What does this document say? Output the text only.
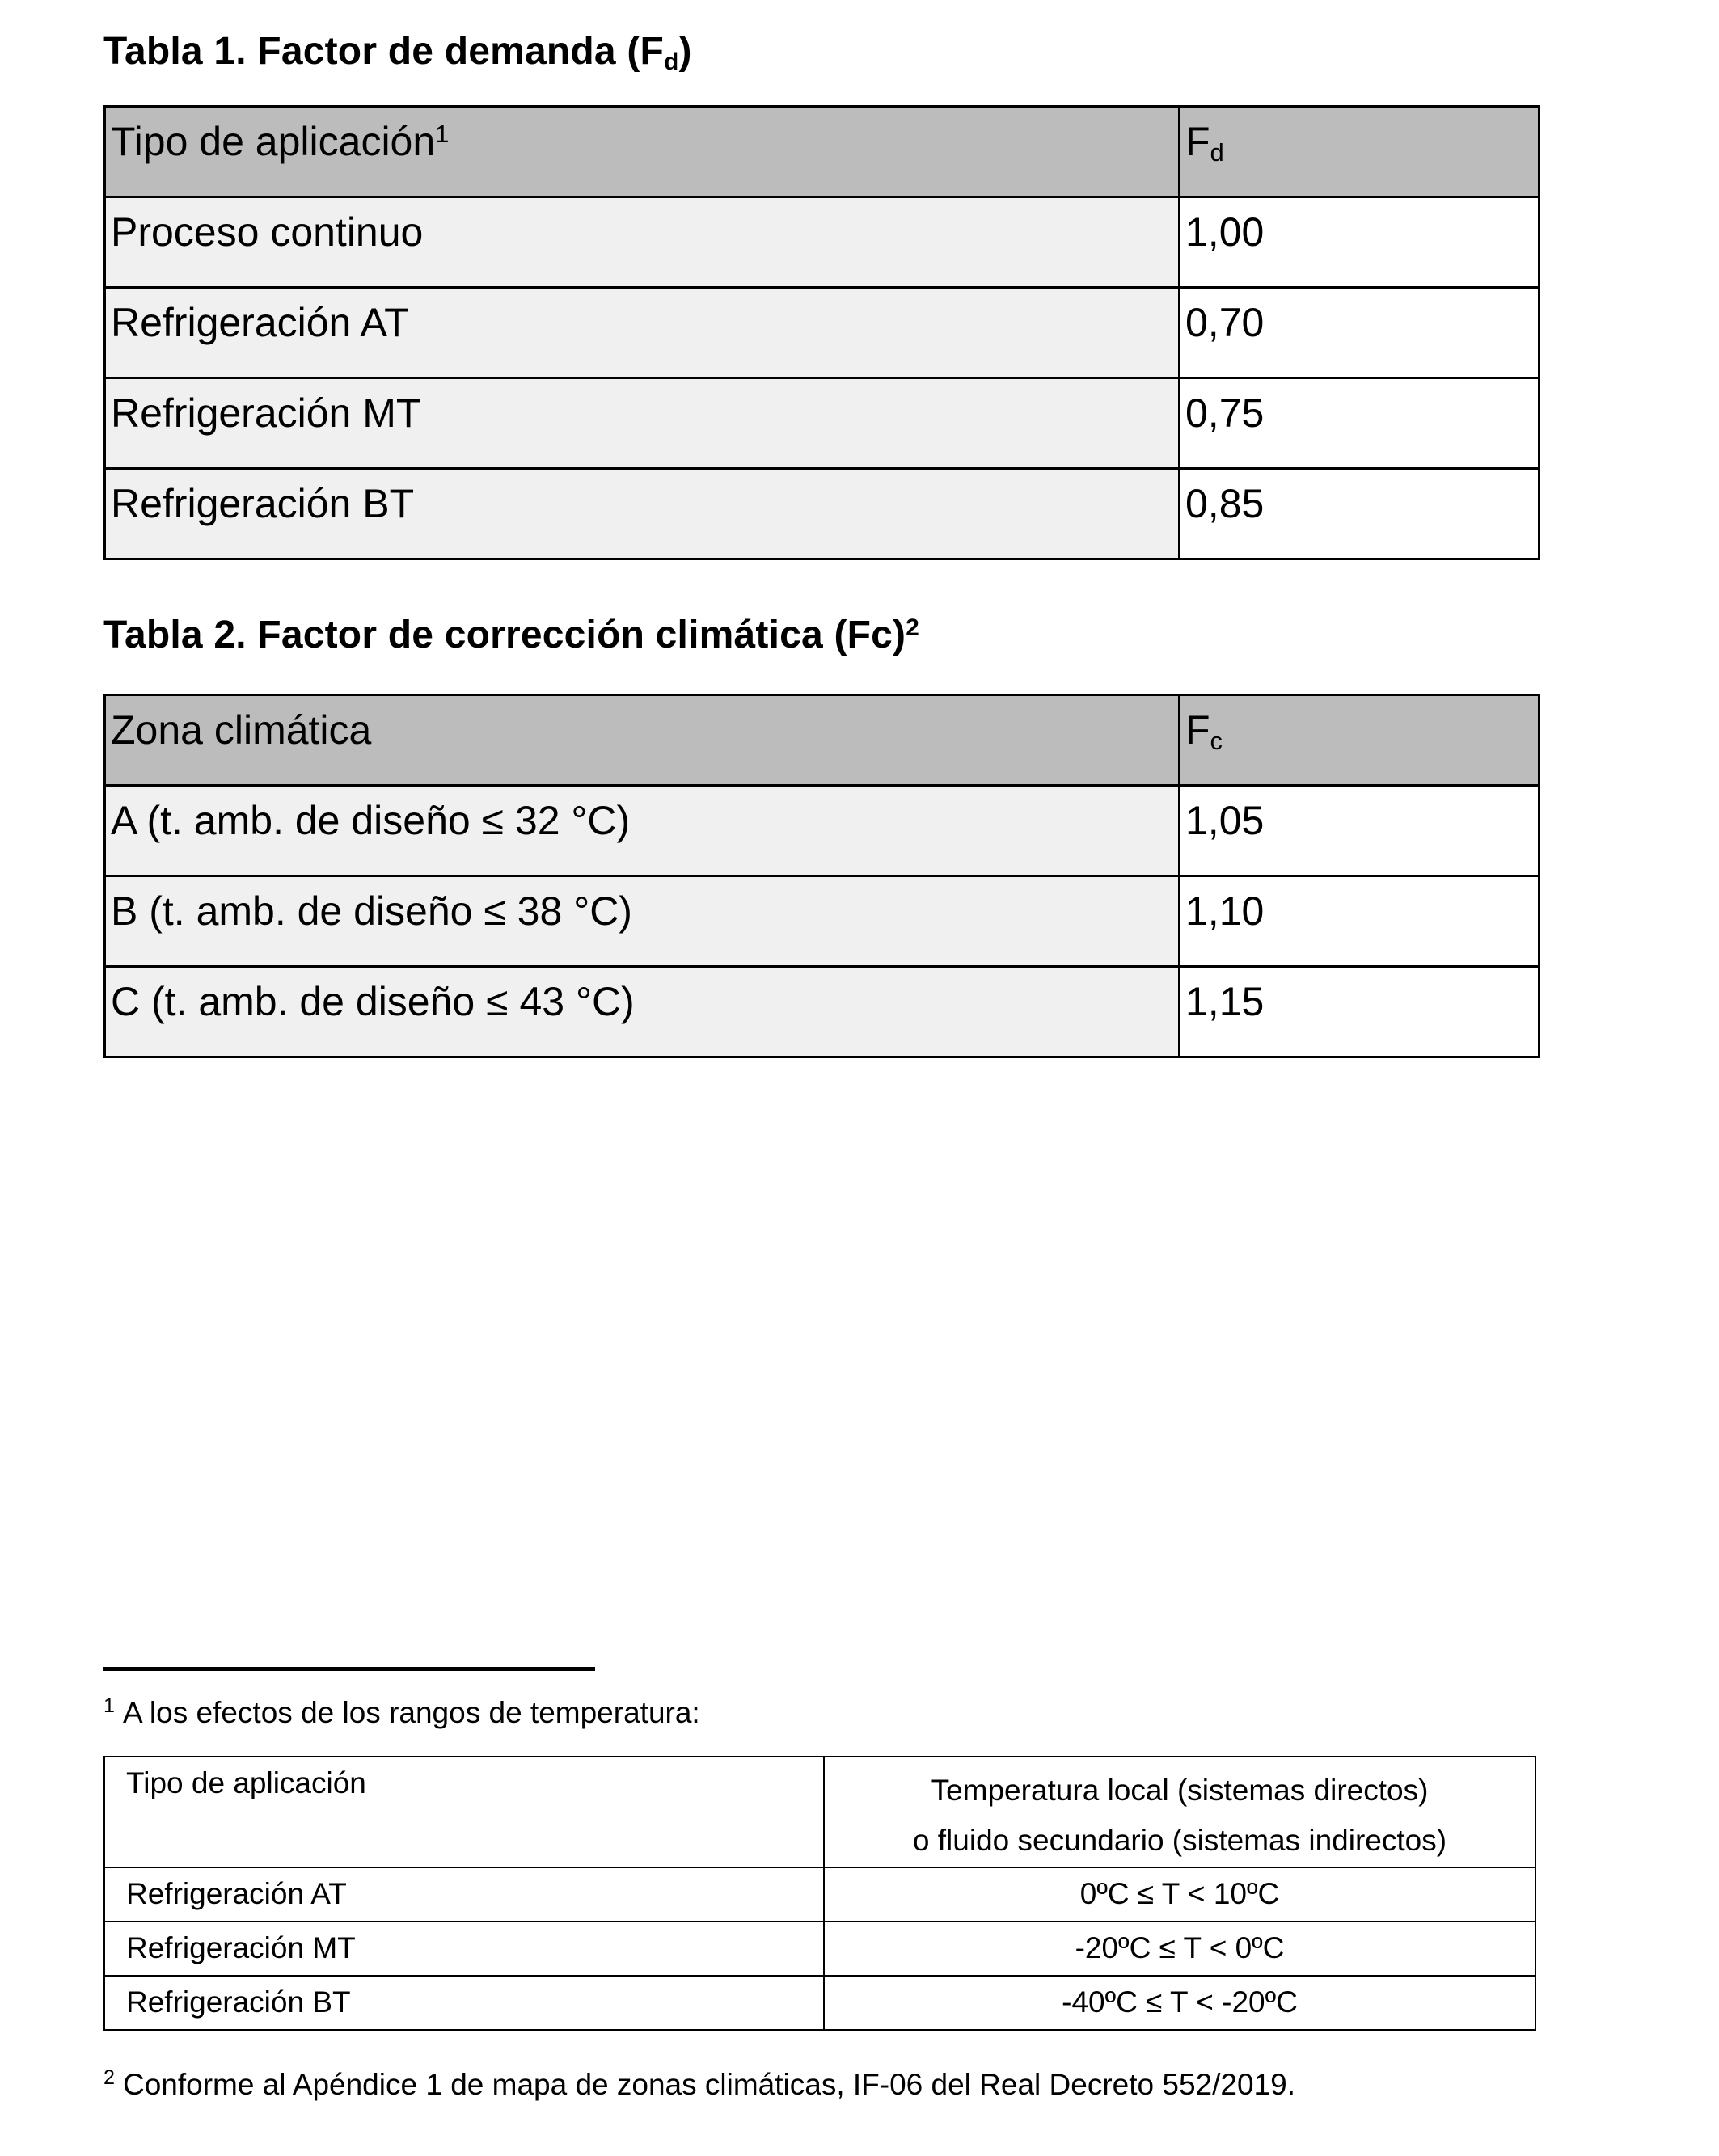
Tabla 1. Factor de demanda (Fd)
Tipo de aplicación$^1$	Fd
Proceso continuo	1,00
Refrigeración AT	0,70
Refrigeración MT	0,75
Refrigeración BT	0,85
Tabla 2. Factor de corrección climática $(Fc)^2$
Zona climática	Fc
A (t. amb. de diseño ≤ 32 °C)	1,05
B (t. amb. de diseño ≤ 38 °C)	1,10
C (t. amb. de diseño ≤ 43 °C)	1,15
$^1$ A los efectos de los rangos de temperatura:
Tipo de aplicación	Temperatura local (sistemas directos)
o fluido secundario (sistemas indirectos)

Refrigeración AT	0ºC ≤ T < 10ºC
Refrigeración MT	-20ºC ≤ T < 0ºC
Refrigeración BT	-40ºC ≤ T < -20ºC
$^2$ Conforme al Apéndice 1 de mapa de zonas climáticas, IF-06 del Real Decreto 552/2019.
